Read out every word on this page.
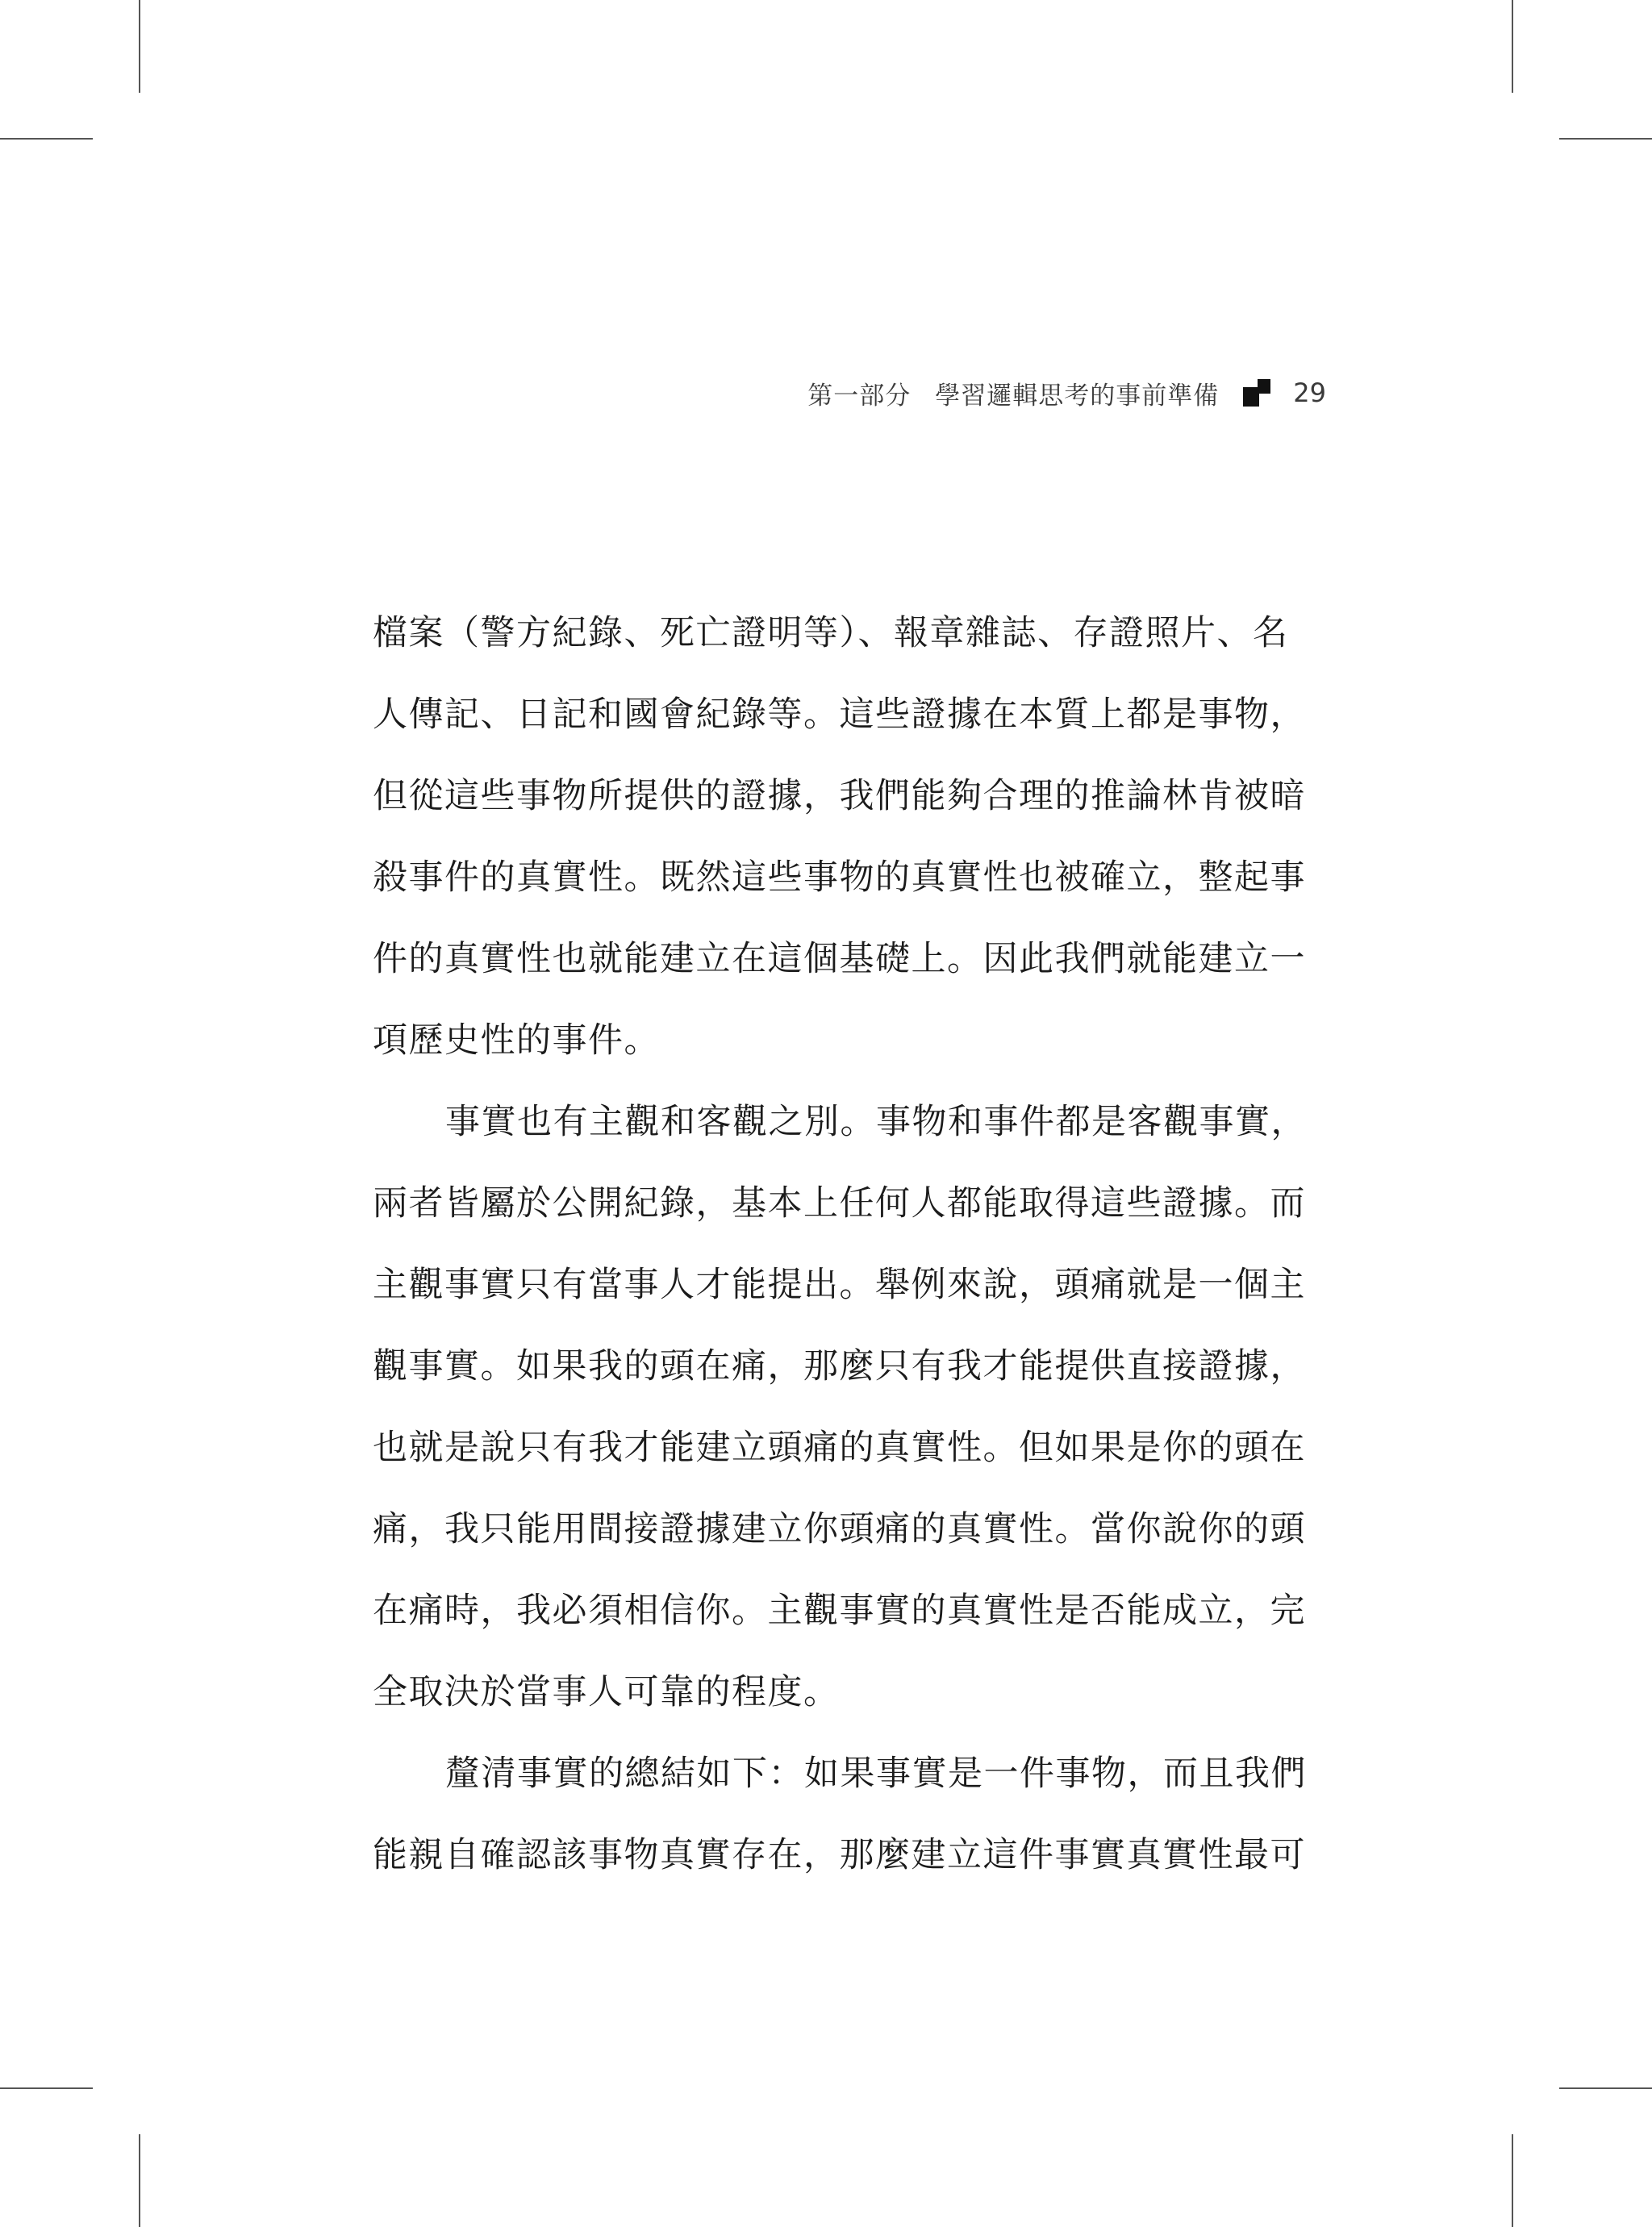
第一部分 學習邏輯思考的事前準備	29
檔案（警方紀錄、死亡證明等）、報章雜誌、存證照片、名
人傳記、日記和國會紀錄等。這些證據在本質上都是事物，
但從這些事物所提供的證據，我們能夠合理的推論林肯被暗
殺事件的真實性。既然這些事物的真實性也被確立，整起事
件的真實性也就能建立在這個基礎上。因此我們就能建立一
項歷史性的事件。
事實也有主觀和客觀之別。事物和事件都是客觀事實，
兩者皆屬於公開紀錄，基本上任何人都能取得這些證據。而
主觀事實只有當事人才能提出。舉例來說，頭痛就是一個主
觀事實。如果我的頭在痛，那麼只有我才能提供直接證據，
也就是說只有我才能建立頭痛的真實性。但如果是你的頭在
痛，我只能用間接證據建立你頭痛的真實性。當你說你的頭
在痛時，我必須相信你。主觀事實的真實性是否能成立，完
全取決於當事人可靠的程度。
釐清事實的總結如下：如果事實是一件事物，而且我們
能親自確認該事物真實存在，那麼建立這件事實真實性最可
